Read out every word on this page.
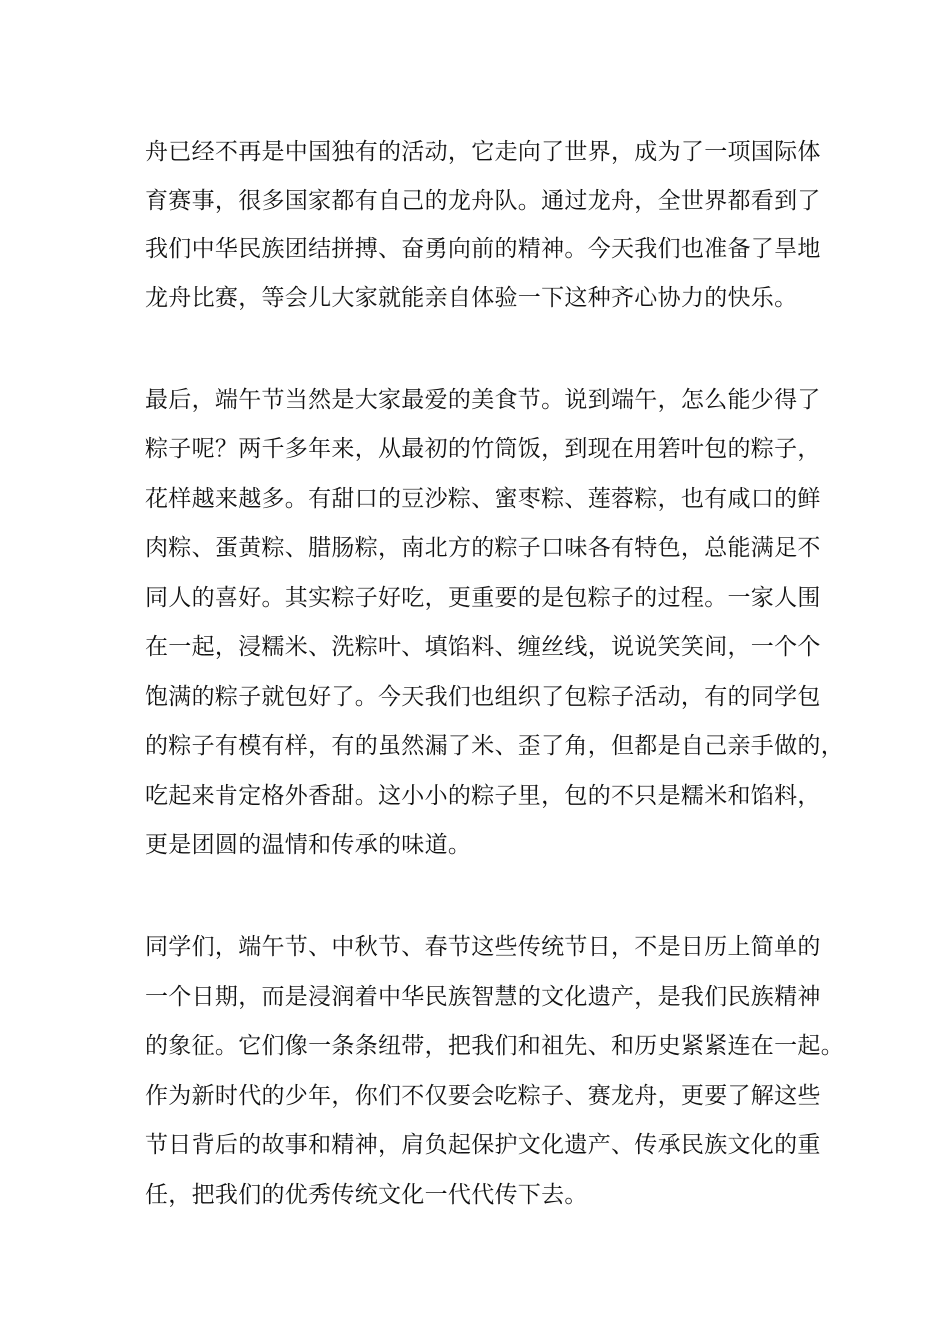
舟已经不再是中国独有的活动，它走向了世界，成为了一项国际体
育赛事，很多国家都有自己的龙舟队。通过龙舟，全世界都看到了
我们中华民族团结拼搏、奋勇向前的精神。今天我们也准备了旱地
龙舟比赛，等会儿大家就能亲自体验一下这种齐心协力的快乐。
最后，端午节当然是大家最爱的美食节。说到端午，怎么能少得了
粽子呢？两千多年来，从最初的竹筒饭，到现在用箬叶包的粽子，
花样越来越多。有甜口的豆沙粽、蜜枣粽、莲蓉粽，也有咸口的鲜
肉粽、蛋黄粽、腊肠粽，南北方的粽子口味各有特色，总能满足不
同人的喜好。其实粽子好吃，更重要的是包粽子的过程。一家人围
在一起，浸糯米、洗粽叶、填馅料、缠丝线，说说笑笑间，一个个
饱满的粽子就包好了。今天我们也组织了包粽子活动，有的同学包
的粽子有模有样，有的虽然漏了米、歪了角，但都是自己亲手做的，
吃起来肯定格外香甜。这小小的粽子里，包的不只是糯米和馅料，
更是团圆的温情和传承的味道。
同学们，端午节、中秋节、春节这些传统节日，不是日历上简单的
一个日期，而是浸润着中华民族智慧的文化遗产，是我们民族精神
的象征。它们像一条条纽带，把我们和祖先、和历史紧紧连在一起。
作为新时代的少年，你们不仅要会吃粽子、赛龙舟，更要了解这些
节日背后的故事和精神，肩负起保护文化遗产、传承民族文化的重
任，把我们的优秀传统文化一代代传下去。
